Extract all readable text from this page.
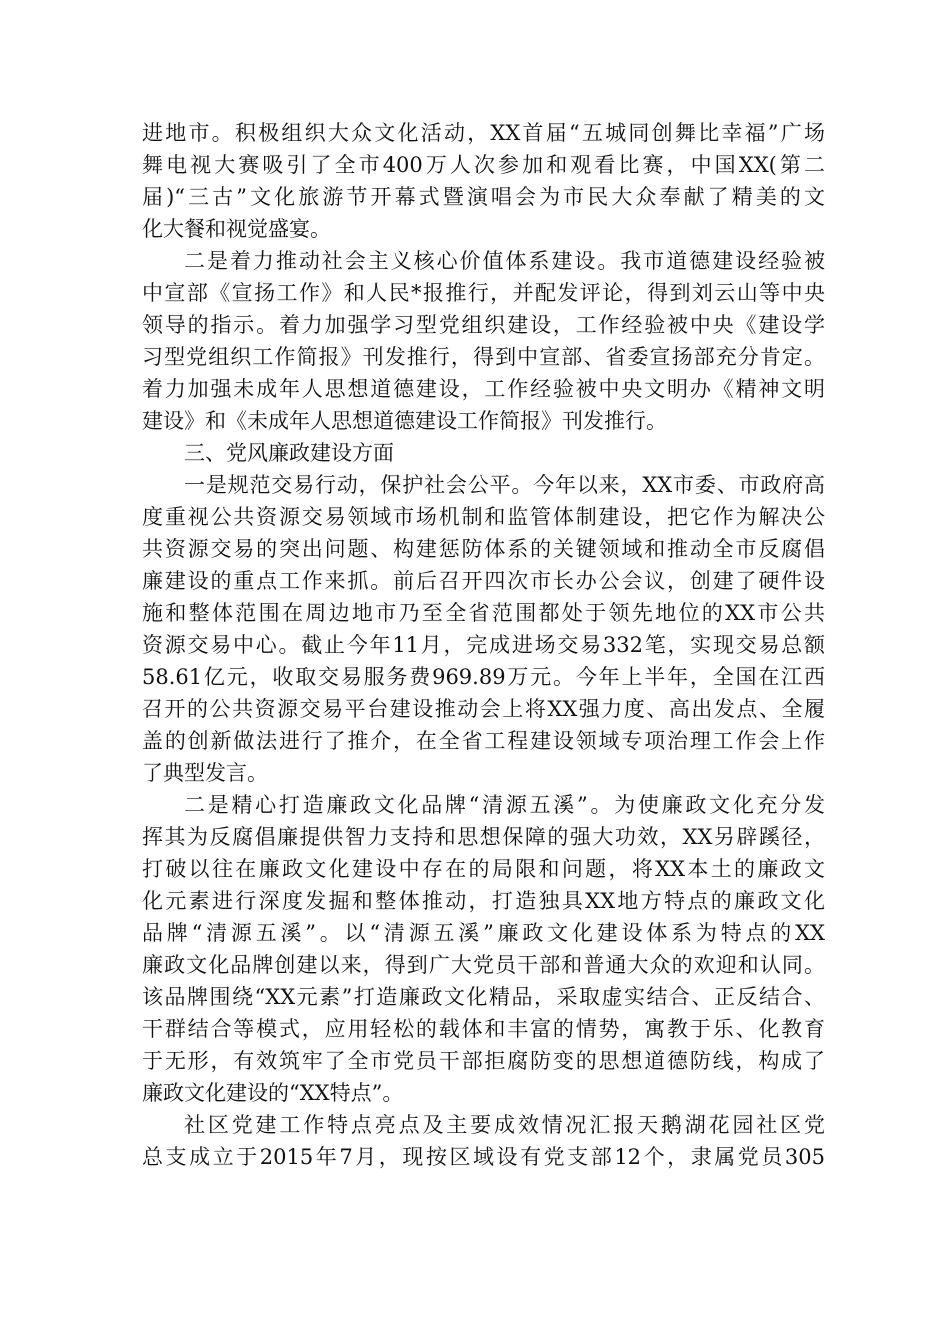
进地市。积极组织大众文化活动，XX首届“五城同创舞比幸福”广场
舞电视大赛吸引了全市400万人次参加和观看比赛，中国XX(第二
届)“三古”文化旅游节开幕式暨演唱会为市民大众奉献了精美的文
化大餐和视觉盛宴。
二是着力推动社会主义核心价值体系建设。我市道德建设经验被
中宣部《宣扬工作》和人民*报推行，并配发评论，得到刘云山等中央
领导的指示。着力加强学习型党组织建设，工作经验被中央《建设学
习型党组织工作简报》刊发推行，得到中宣部、省委宣扬部充分肯定。
着力加强未成年人思想道德建设，工作经验被中央文明办《精神文明
建设》和《未成年人思想道德建设工作简报》刊发推行。
三、党风廉政建设方面
一是规范交易行动，保护社会公平。今年以来，XX市委、市政府高
度重视公共资源交易领域市场机制和监管体制建设，把它作为解决公
共资源交易的突出问题、构建惩防体系的关键领域和推动全市反腐倡
廉建设的重点工作来抓。前后召开四次市长办公会议，创建了硬件设
施和整体范围在周边地市乃至全省范围都处于领先地位的XX市公共
资源交易中心。截止今年11月，完成进场交易332笔，实现交易总额
58.61亿元，收取交易服务费969.89万元。今年上半年，全国在江西
召开的公共资源交易平台建设推动会上将XX强力度、高出发点、全履
盖的创新做法进行了推介，在全省工程建设领域专项治理工作会上作
了典型发言。
二是精心打造廉政文化品牌“清源五溪”。为使廉政文化充分发
挥其为反腐倡廉提供智力支持和思想保障的强大功效，XX另辟蹊径，
打破以往在廉政文化建设中存在的局限和问题，将XX本土的廉政文
化元素进行深度发掘和整体推动，打造独具XX地方特点的廉政文化
品牌“清源五溪”。以“清源五溪”廉政文化建设体系为特点的XX
廉政文化品牌创建以来，得到广大党员干部和普通大众的欢迎和认同。
该品牌围绕“XX元素”打造廉政文化精品，采取虚实结合、正反结合、
干群结合等模式，应用轻松的载体和丰富的情势，寓教于乐、化教育
于无形，有效筑牢了全市党员干部拒腐防变的思想道德防线，构成了
廉政文化建设的“XX特点”。
社区党建工作特点亮点及主要成效情况汇报天鹅湖花园社区党
总支成立于2015年7月，现按区域设有党支部12个，隶属党员305
